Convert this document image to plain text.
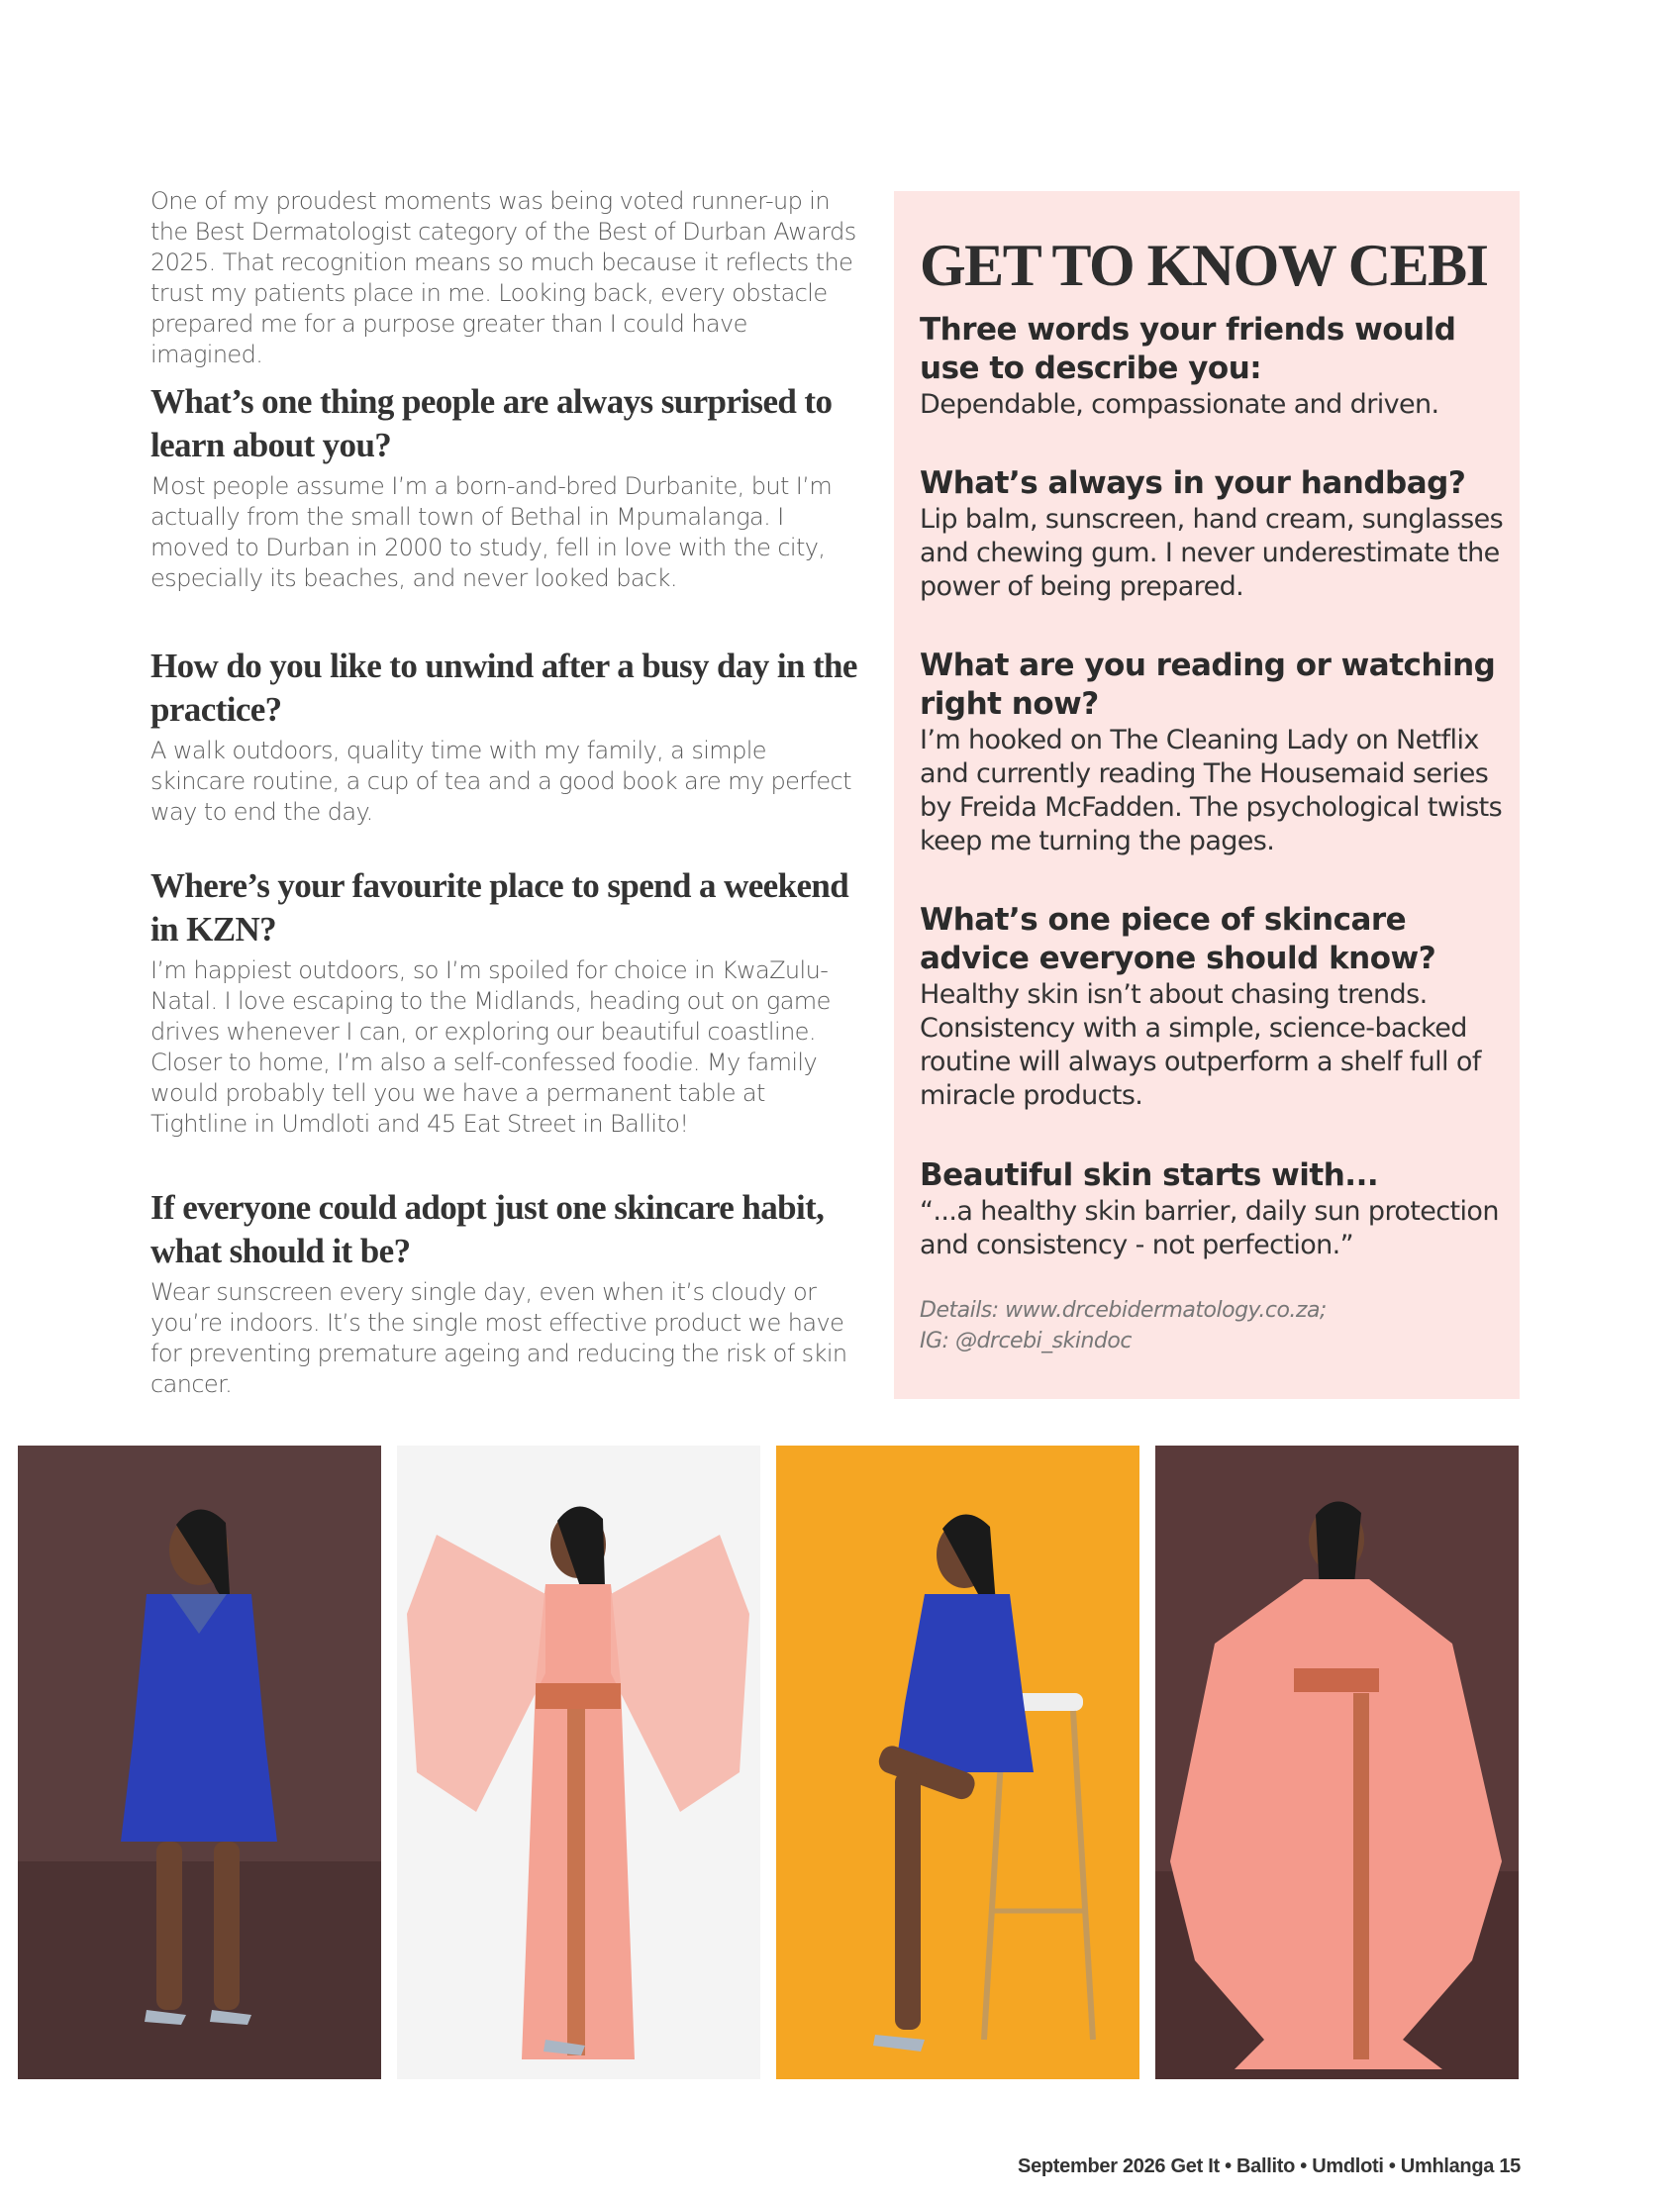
One of my proudest moments was being voted runner-up in the Best Dermatologist category of the Best of Durban Awards 2025. That recognition means so much because it reflects the trust my patients place in me. Looking back, every obstacle prepared me for a purpose greater than I could have imagined.

What’s one thing people are always surprised to learn about you?

Most people assume I’m a born-and-bred Durbanite, but I’m actually from the small town of Bethal in Mpumalanga. I moved to Durban in 2000 to study, fell in love with the city, especially its beaches, and never looked back.

How do you like to unwind after a busy day in the practice?

A walk outdoors, quality time with my family, a simple skincare routine, a cup of tea and a good book are my perfect way to end the day.

Where’s your favourite place to spend a weekend in KZN?

I’m happiest outdoors, so I’m spoiled for choice in KwaZulu-Natal. I love escaping to the Midlands, heading out on game drives whenever I can, or exploring our beautiful coastline. Closer to home, I’m also a self-confessed foodie. My family would probably tell you we have a permanent table at Tightline in Umdloti and 45 Eat Street in Ballito!

If everyone could adopt just one skincare habit, what should it be?

Wear sunscreen every single day, even when it’s cloudy or you’re indoors. It’s the single most effective product we have for preventing premature ageing and reducing the risk of skin cancer.

GET TO KNOW CEBI

Three words your friends would use to describe you:

Dependable, compassionate and driven.

What’s always in your handbag?

Lip balm, sunscreen, hand cream, sunglasses and chewing gum. I never underestimate the power of being prepared.

What are you reading or watching right now?

I’m hooked on The Cleaning Lady on Netflix and currently reading The Housemaid series by Freida McFadden. The psychological twists keep me turning the pages.

What’s one piece of skincare advice everyone should know?

Healthy skin isn’t about chasing trends. Consistency with a simple, science-backed routine will always outperform a shelf full of miracle products.

Beautiful skin starts with...

“...a healthy skin barrier, daily sun protection and consistency - not perfection.”

Details: www.drcebidermatology.co.za;
IG: @drcebi_skindoc
September 2026 Get It • Ballito • Umdloti • Umhlanga 15
